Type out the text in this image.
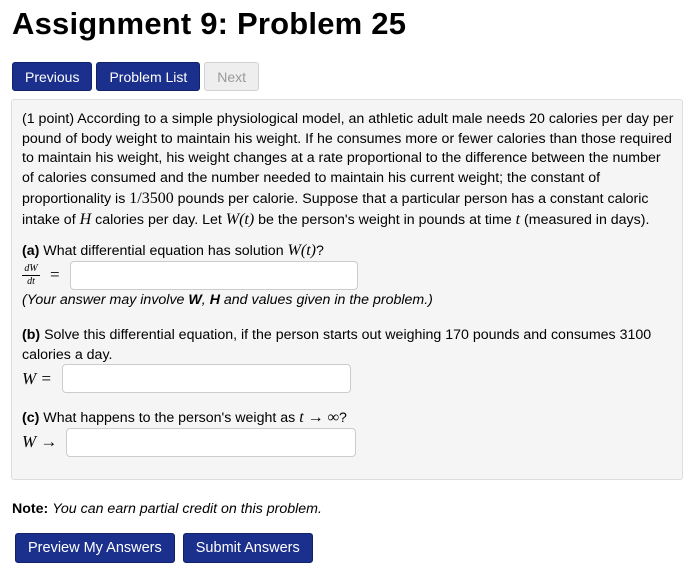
Assignment 9: Problem 25
Previous	Problem List	Next
(1 point) According to a simple physiological model, an athletic adult male needs 20 calories per day per pound of body weight to maintain his weight. If he consumes more or fewer calories than those required to maintain his weight, his weight changes at a rate proportional to the difference between the number of calories consumed and the number needed to maintain his current weight; the constant of proportionality is 1/3500 pounds per calorie. Suppose that a particular person has a constant caloric intake of H calories per day. Let W(t) be the person's weight in pounds at time t (measured in days).
(a) What differential equation has solution W(t)?
$\frac{dW}{dt}$ =
(Your answer may involve W, H and values given in the problem.)
(b) Solve this differential equation, if the person starts out weighing 170 pounds and consumes 3100 calories a day.
W =
(c) What happens to the person's weight as t → ∞?
W →
Note: You can earn partial credit on this problem.
Preview My Answers	Submit Answers
